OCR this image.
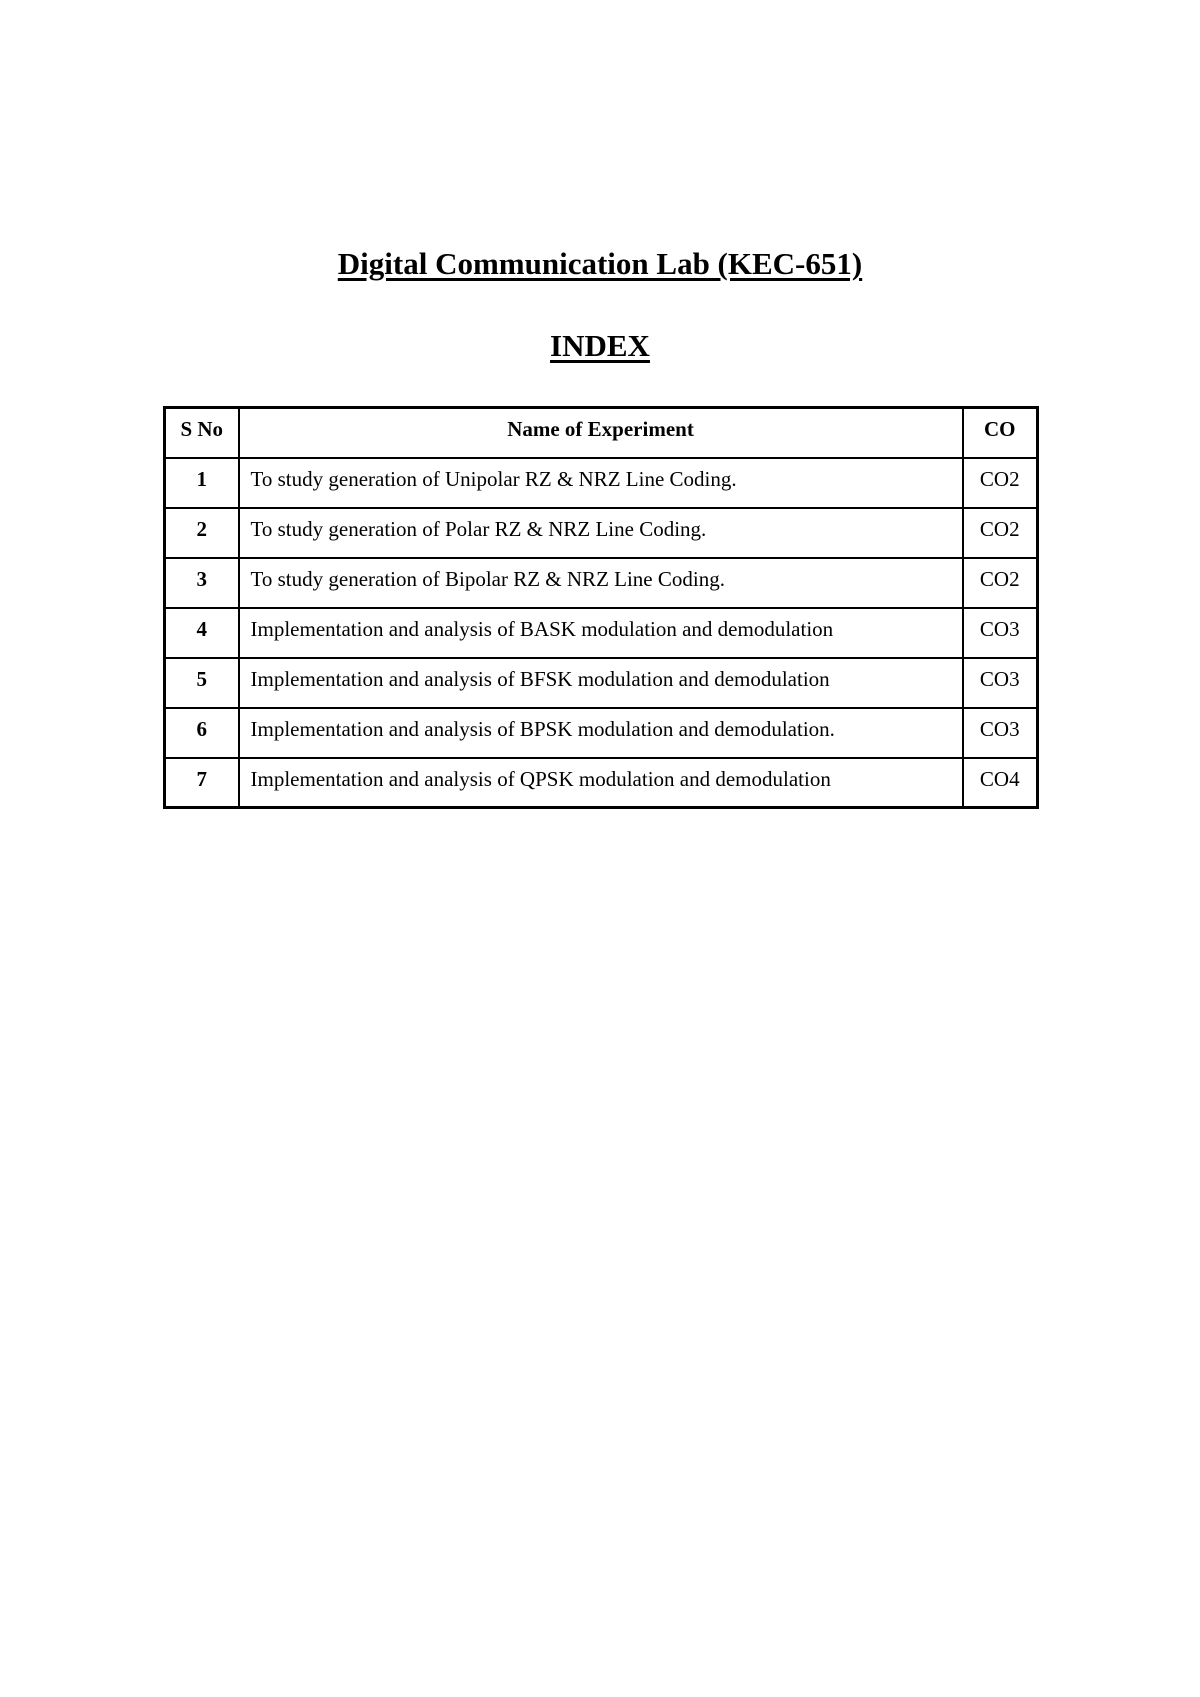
Digital Communication Lab (KEC-651)
INDEX
S No	Name of Experiment	CO
1	To study generation of Unipolar RZ & NRZ Line Coding.	CO2
2	To study generation of Polar RZ & NRZ Line Coding.	CO2
3	To study generation of Bipolar RZ & NRZ Line Coding.	CO2
4	Implementation and analysis of BASK modulation and demodulation	CO3
5	Implementation and analysis of BFSK modulation and demodulation	CO3
6	Implementation and analysis of BPSK modulation and demodulation.	CO3
7	Implementation and analysis of QPSK modulation and demodulation	CO4
